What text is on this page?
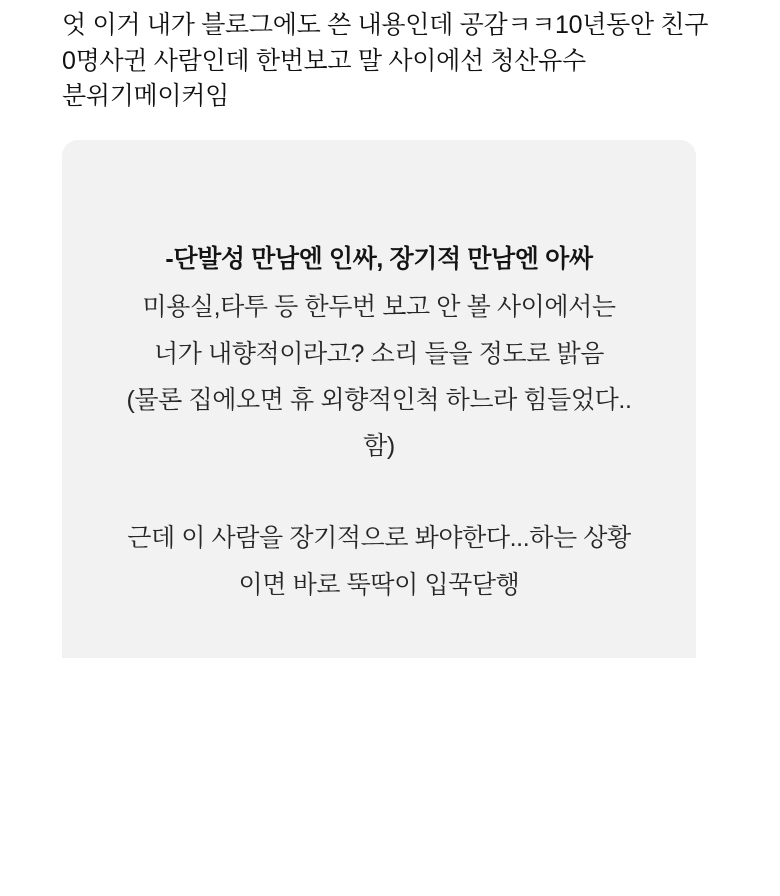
엇 이거 내가 블로그에도 쓴 내용인데 공감ㅋㅋ10년동안 친구 0명사귄 사람인데 한번보고 말 사이에선 청산유수 분위기메이커임

-단발성 만남엔 인싸, 장기적 만남엔 아싸

미용실,타투 등 한두번 보고 안 볼 사이에서는

너가 내향적이라고? 소리 들을 정도로 밝음

(물론 집에오면 휴 외향적인척 하느라 힘들었다..

함)

근데 이 사람을 장기적으로 봐야한다...하는 상황

이면 바로 뚝딱이 입꾹닫행
